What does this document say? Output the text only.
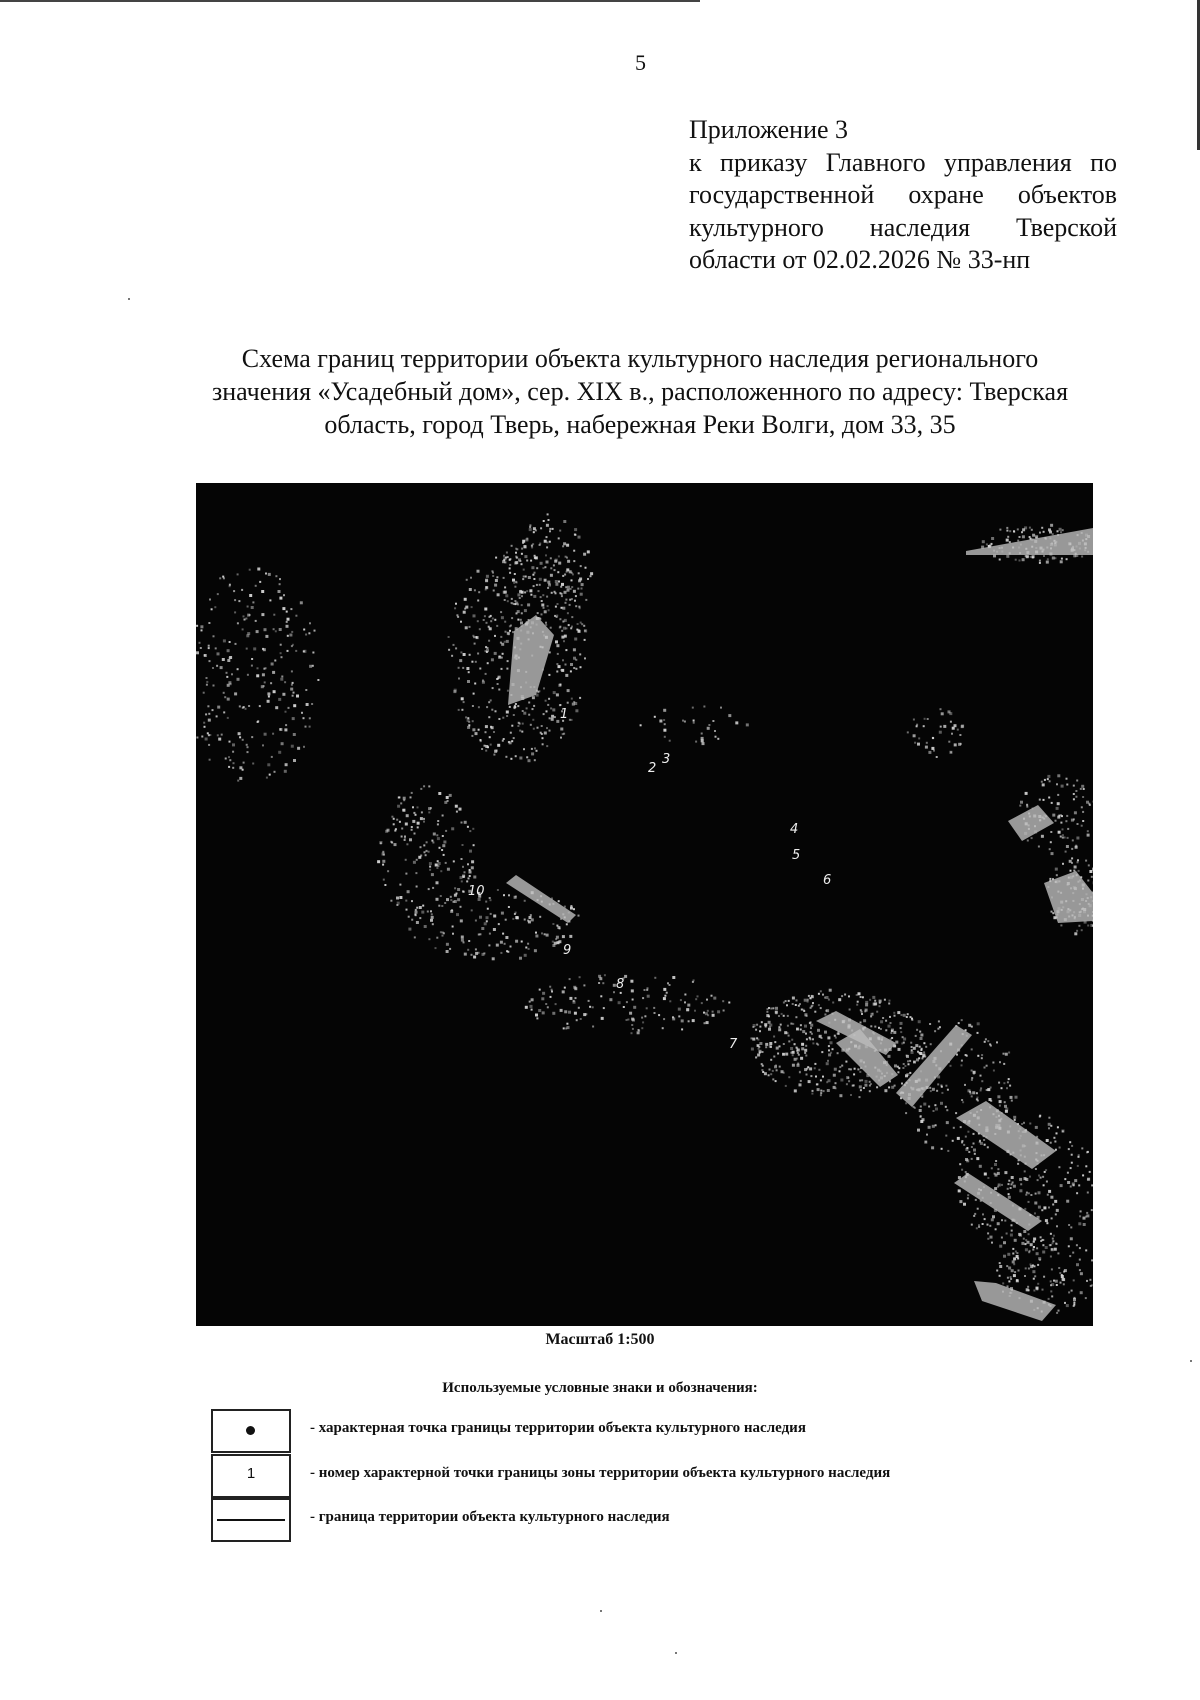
5
Приложение 3
к приказу Главного управления по
государственной охране объектов
культурного наследия Тверской
области от 02.02.2026 № 33-нп
Схема границ территории объекта культурного наследия регионального
значения «Усадебный дом», сер. XIX в., расположенного по адресу: Тверская
область, город Тверь, набережная Реки Волги, дом 33, 35
1
2
3
4
5
6
7
8
9
10
Масштаб 1:500
Используемые условные знаки и обозначения:
- характерная точка границы территории объекта культурного наследия
1	- номер характерной точки границы зоны территории объекта культурного наследия
- граница территории объекта культурного наследия
